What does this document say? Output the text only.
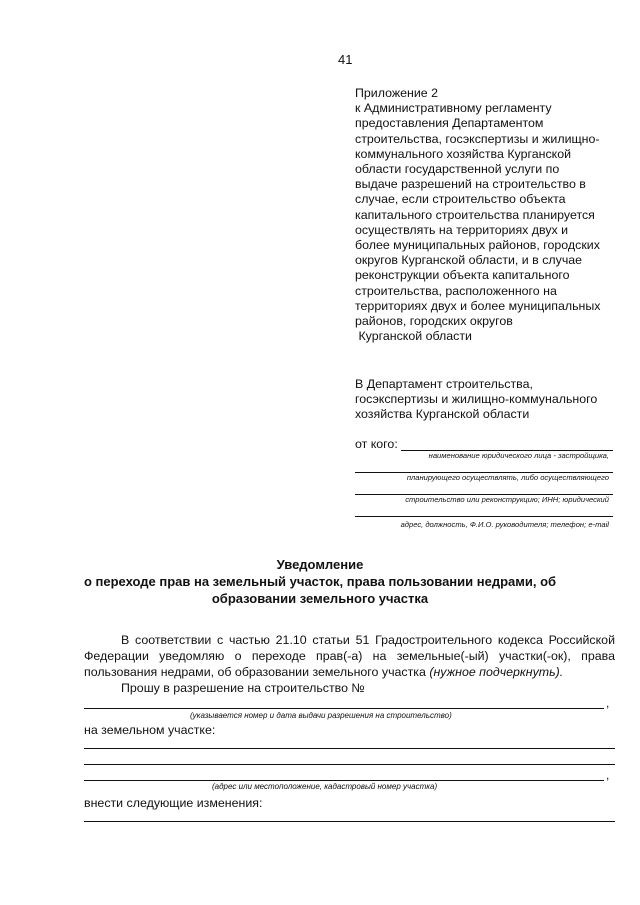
41
Приложение 2
к Административному регламенту
предоставления Департаментом
строительства, госэкспертизы и жилищно-
коммунального хозяйства Курганской
области государственной услуги по
выдаче разрешений на строительство в
случае, если строительство объекта
капитального строительства планируется
осуществлять на территориях двух и
более муниципальных районов, городских
округов Курганской области, и в случае
реконструкции объекта капитального
строительства, расположенного на
территориях двух и более муниципальных
районов, городских округов
Курганской области
В Департамент строительства,
госэкспертизы и жилищно-коммунального
хозяйства Курганской области
от кого:
наименование юридического лица - застройщика,
планирующего осуществлять, либо осуществляющего
строительство или реконструкцию; ИНН; юридический
адрес, должность, Ф.И.О. руководителя; телефон; e-mail
Уведомление
о переходе прав на земельный участок, права пользовании недрами, об
образовании земельного участка
В соответствии с частью 21.10 статьи 51 Градостроительного кодекса Российской Федерации уведомляю о переходе прав(-а) на земельные(-ый) участки(-ок), права пользования недрами, об образовании земельного участка (нужное подчеркнуть).
Прошу в разрешение на строительство №
,
(указывается номер и дата выдачи разрешения на строительство)
на земельном участке:
,
(адрес или местоположение, кадастровый номер участка)
внести следующие изменения:
